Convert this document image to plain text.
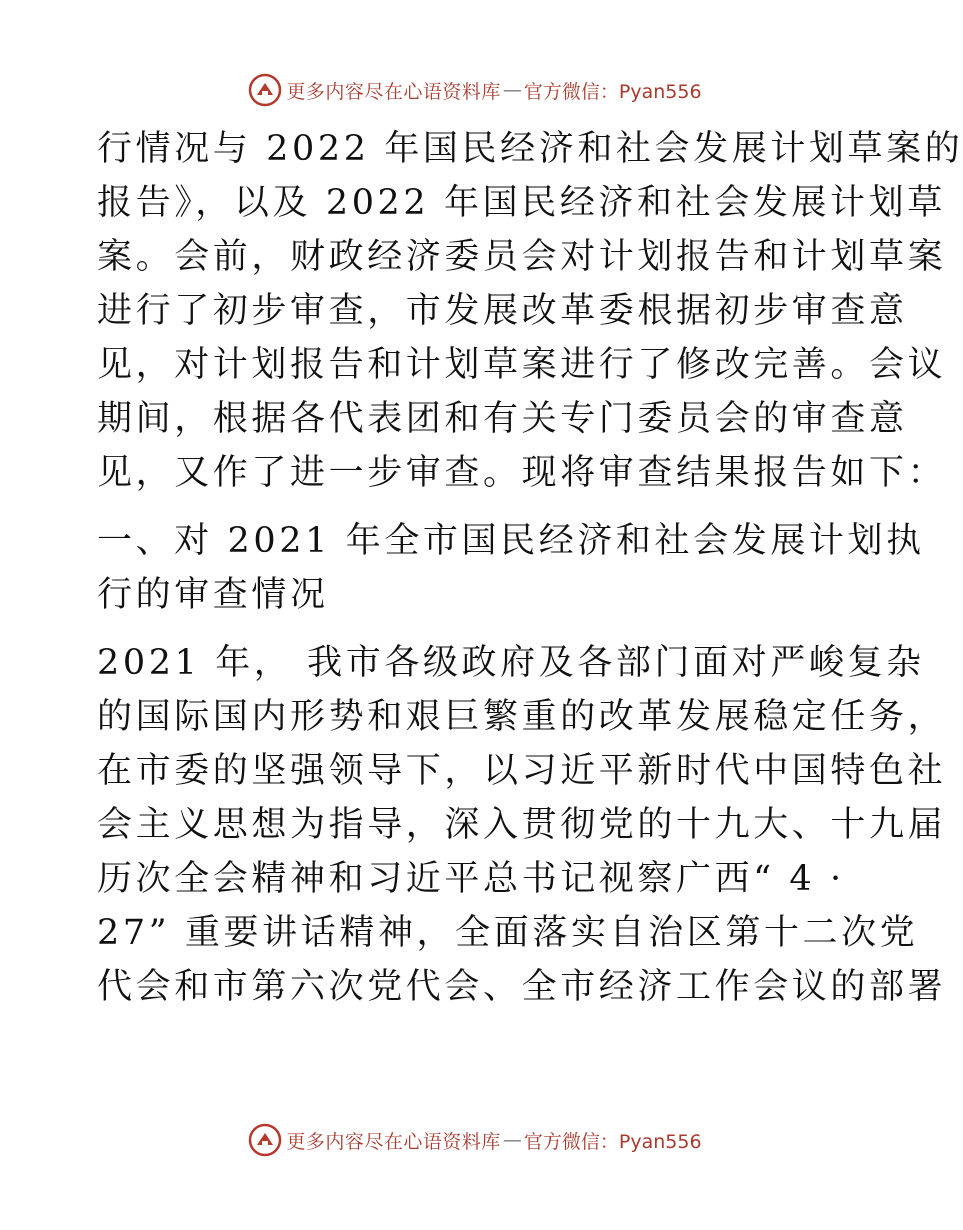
更多内容尽在心语资料库 — 官方微信：Pyan556
行情况与 2022 年国民经济和社会发展计划草案的
报告》，以及 2022 年国民经济和社会发展计划草
案。会前，财政经济委员会对计划报告和计划草案
进行了初步审查，市发展改革委根据初步审查意
见，对计划报告和计划草案进行了修改完善。会议
期间，根据各代表团和有关专门委员会的审查意
见，又作了进一步审查。现将审查结果报告如下：
一、对 2021 年全市国民经济和社会发展计划执
行的审查情况
2021 年， 我市各级政府及各部门面对严峻复杂
的国际国内形势和艰巨繁重的改革发展稳定任务，
在市委的坚强领导下，以习近平新时代中国特色社
会主义思想为指导，深入贯彻党的十九大、十九届
历次全会精神和习近平总书记视察广西“ 4 ·
27” 重要讲话精神，全面落实自治区第十二次党
代会和市第六次党代会、全市经济工作会议的部署
更多内容尽在心语资料库 — 官方微信：Pyan556
